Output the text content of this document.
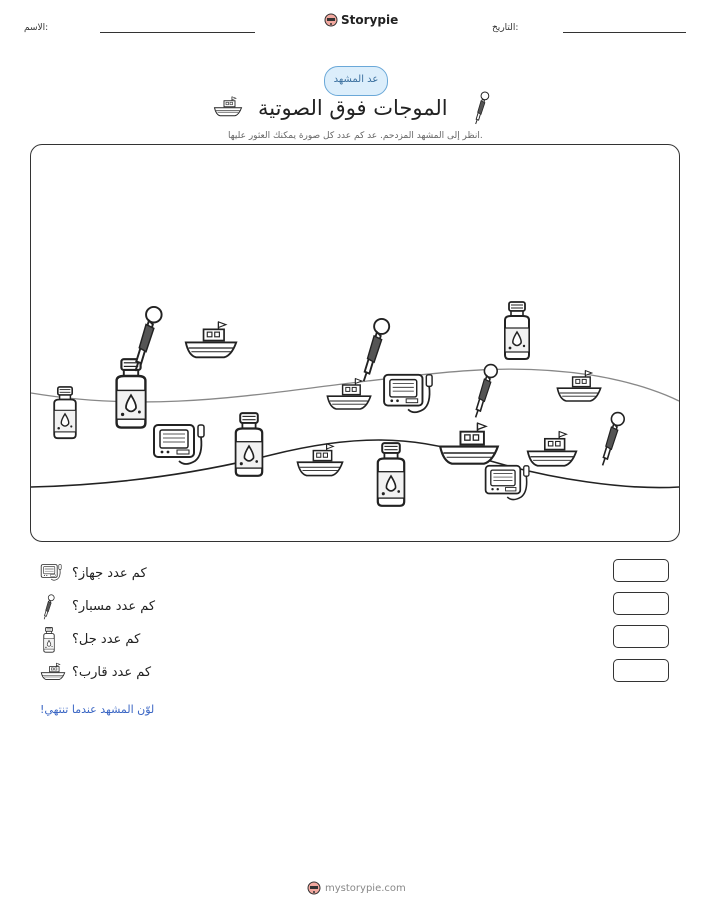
الاسم:
Storypie
التاريخ:
عد المشهد
الموجات فوق الصوتية
انظر إلى المشهد المزدحم. عد كم عدد كل صورة يمكنك العثور عليها.
كم عدد جهاز؟
كم عدد مسبار؟
كم عدد جل؟
كم عدد قارب؟
لوّن المشهد عندما تنتهي!
mystorypie.com
